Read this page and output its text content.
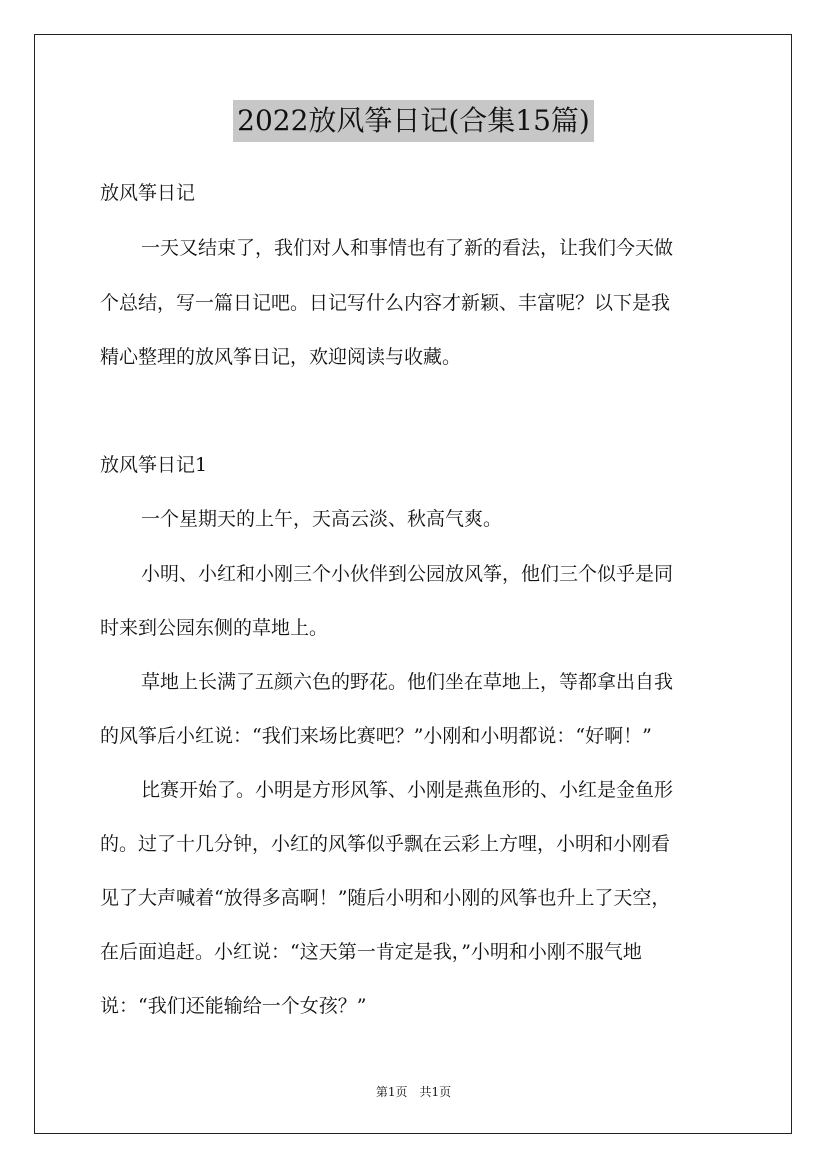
2022放风筝日记(合集15篇)
放风筝日记
一天又结束了，我们对人和事情也有了新的看法，让我们今天做
个总结，写一篇日记吧。日记写什么内容才新颖、丰富呢？以下是我
精心整理的放风筝日记，欢迎阅读与收藏。
放风筝日记1
一个星期天的上午，天高云淡、秋高气爽。
小明、小红和小刚三个小伙伴到公园放风筝，他们三个似乎是同
时来到公园东侧的草地上。
草地上长满了五颜六色的野花。他们坐在草地上，等都拿出自我
的风筝后小红说：“我们来场比赛吧？”小刚和小明都说：“好啊！”
比赛开始了。小明是方形风筝、小刚是燕鱼形的、小红是金鱼形
的。过了十几分钟，小红的风筝似乎飘在云彩上方哩，小明和小刚看
见了大声喊着“放得多高啊！”随后小明和小刚的风筝也升上了天空，
在后面追赶。小红说：“这天第一肯定是我，”小明和小刚不服气地
说：“我们还能输给一个女孩？”
第1页　共1页
